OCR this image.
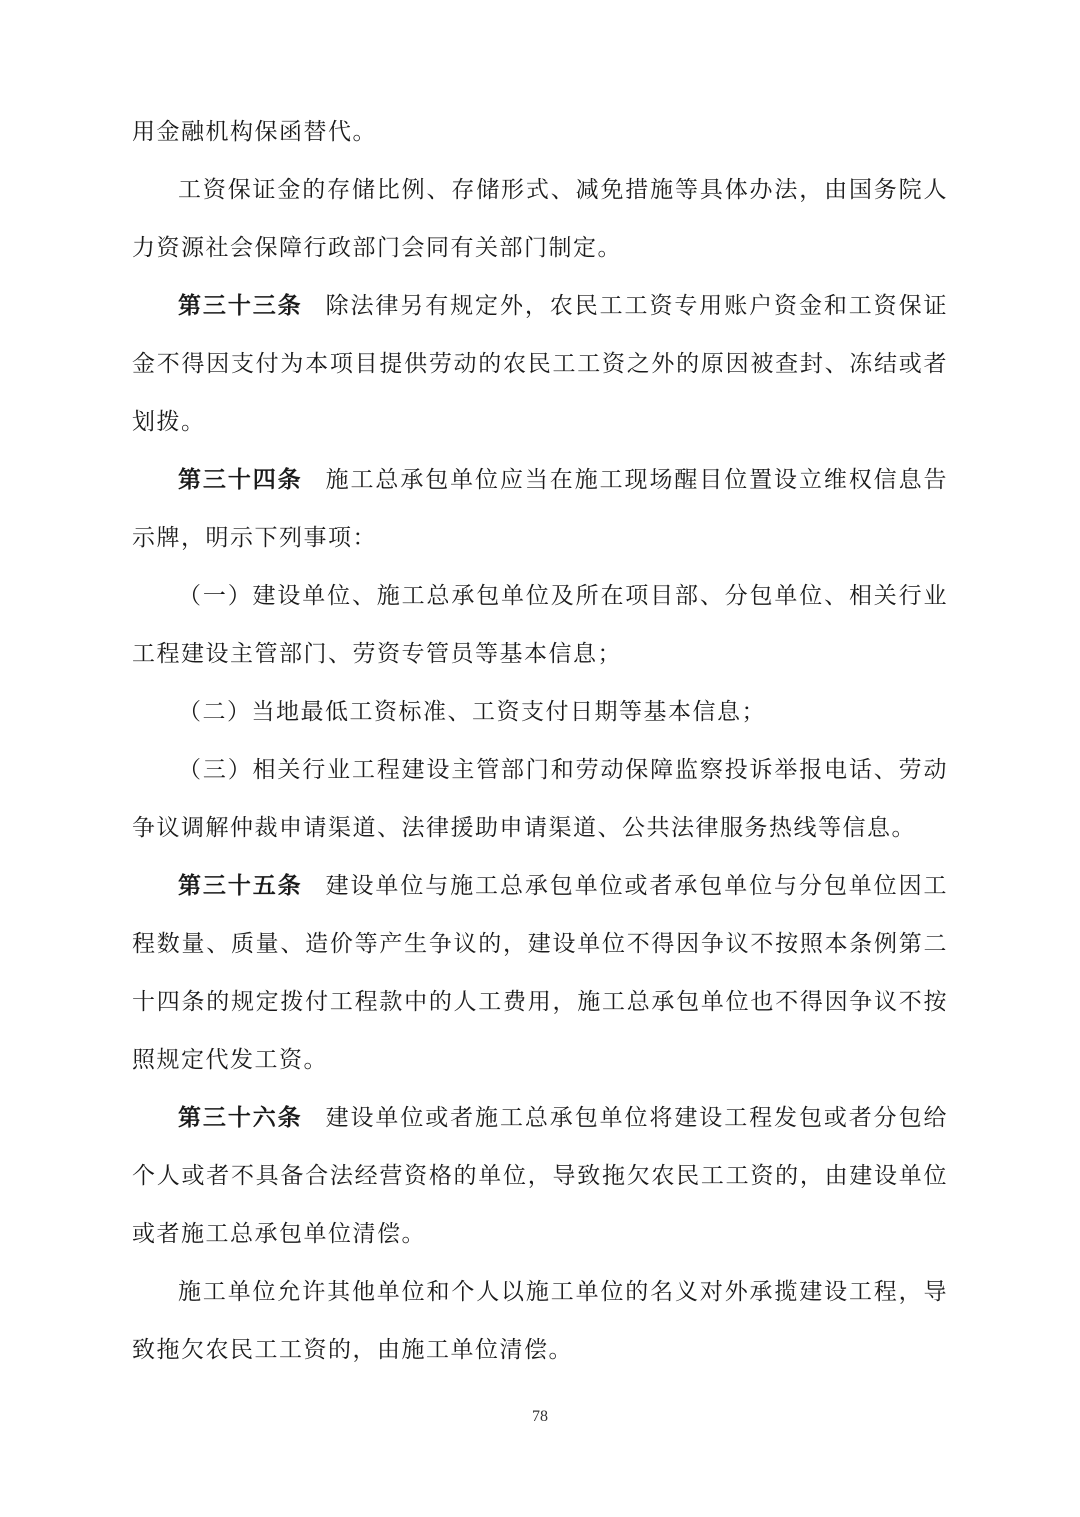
用金融机构保函替代。

工资保证金的存储比例、存储形式、减免措施等具体办法，由国务院人力资源社会保障行政部门会同有关部门制定。

第三十三条 除法律另有规定外，农民工工资专用账户资金和工资保证金不得因支付为本项目提供劳动的农民工工资之外的原因被查封、冻结或者划拨。

第三十四条 施工总承包单位应当在施工现场醒目位置设立维权信息告示牌，明示下列事项：

（一）建设单位、施工总承包单位及所在项目部、分包单位、相关行业工程建设主管部门、劳资专管员等基本信息；

（二）当地最低工资标准、工资支付日期等基本信息；

（三）相关行业工程建设主管部门和劳动保障监察投诉举报电话、劳动争议调解仲裁申请渠道、法律援助申请渠道、公共法律服务热线等信息。

第三十五条 建设单位与施工总承包单位或者承包单位与分包单位因工程数量、质量、造价等产生争议的，建设单位不得因争议不按照本条例第二十四条的规定拨付工程款中的人工费用，施工总承包单位也不得因争议不按照规定代发工资。

第三十六条 建设单位或者施工总承包单位将建设工程发包或者分包给个人或者不具备合法经营资格的单位，导致拖欠农民工工资的，由建设单位或者施工总承包单位清偿。

施工单位允许其他单位和个人以施工单位的名义对外承揽建设工程，导致拖欠农民工工资的，由施工单位清偿。

78
